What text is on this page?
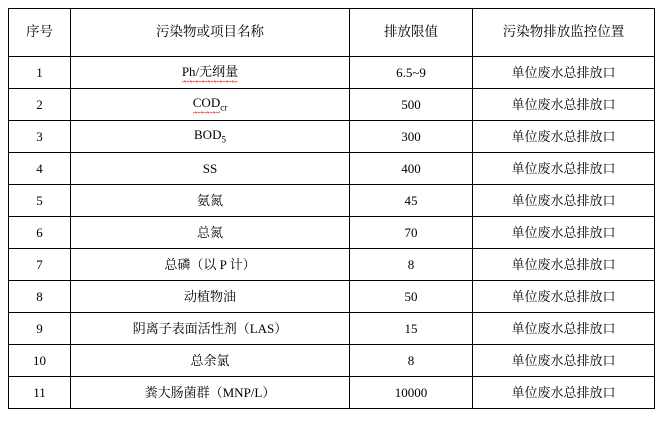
序号	污染物或项目名称	排放限值	污染物排放监控位置
1	Ph/无纲量	6.5~9	单位废水总排放口
2	$COD_{cr}$	500	单位废水总排放口
3	$BOD_5$	300	单位废水总排放口
4	SS	400	单位废水总排放口
5	氨氮	45	单位废水总排放口
6	总氮	70	单位废水总排放口
7	总磷（以 P 计）	8	单位废水总排放口
8	动植物油	50	单位废水总排放口
9	阴离子表面活性剂（LAS）	15	单位废水总排放口
10	总余氯	8	单位废水总排放口
11	粪大肠菌群（MNP/L）	10000	单位废水总排放口
